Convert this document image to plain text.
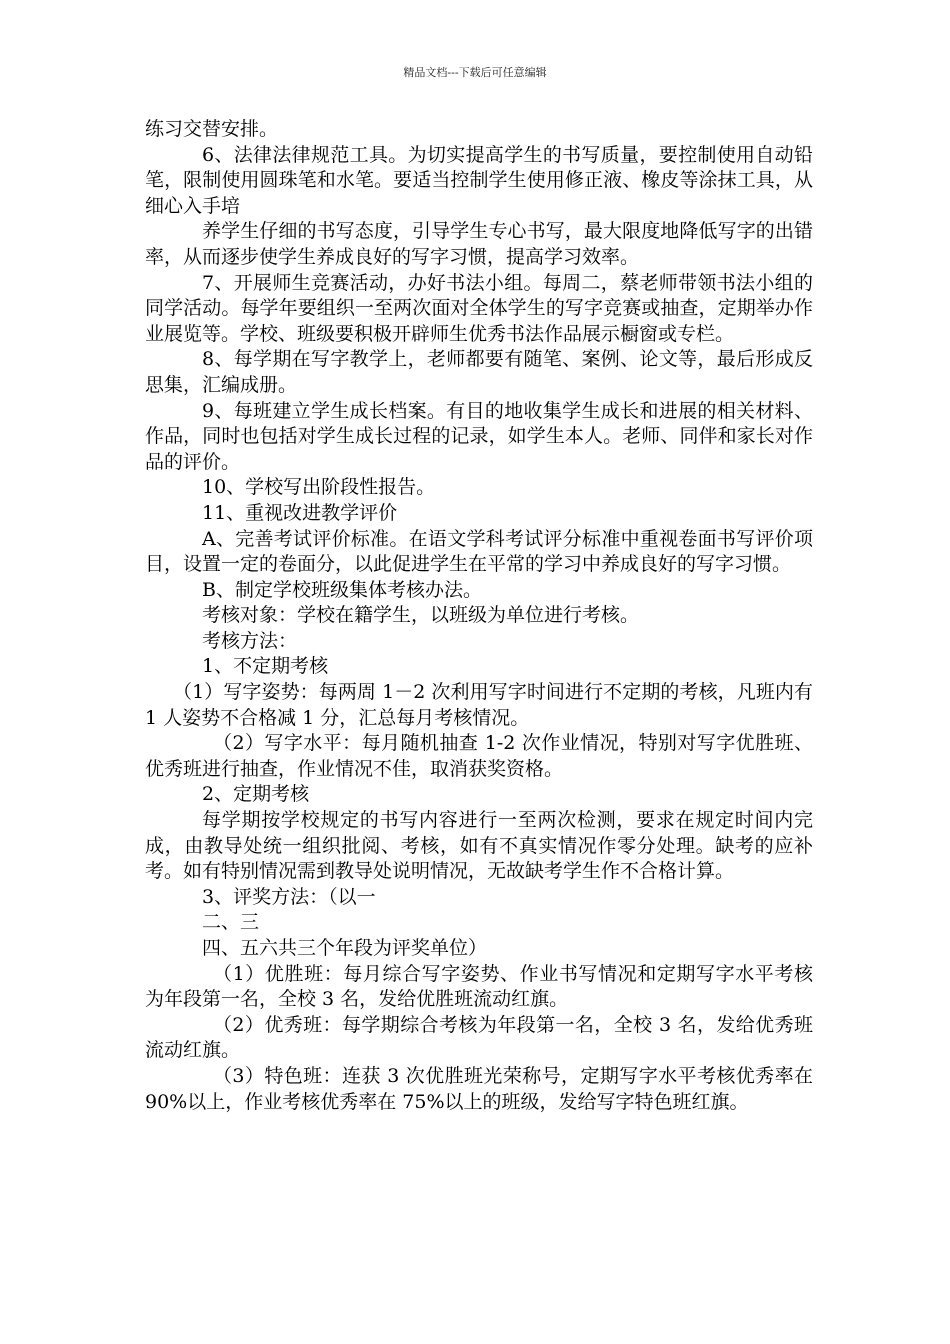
精品文档---下载后可任意编辑

练习交替安排。

6、法律法律规范工具。为切实提高学生的书写质量，要控制使用自动铅笔，限制使用圆珠笔和水笔。要适当控制学生使用修正液、橡皮等涂抹工具，从细心入手培

养学生仔细的书写态度，引导学生专心书写，最大限度地降低写字的出错率，从而逐步使学生养成良好的写字习惯，提高学习效率。

7、开展师生竞赛活动，办好书法小组。每周二，蔡老师带领书法小组的同学活动。每学年要组织一至两次面对全体学生的写字竞赛或抽查，定期举办作业展览等。学校、班级要积极开辟师生优秀书法作品展示橱窗或专栏。

8、每学期在写字教学上，老师都要有随笔、案例、论文等，最后形成反思集，汇编成册。

9、每班建立学生成长档案。有目的地收集学生成长和进展的相关材料、作品，同时也包括对学生成长过程的记录，如学生本人。老师、同伴和家长对作品的评价。

10、学校写出阶段性报告。

11、重视改进教学评价

A、完善考试评价标准。在语文学科考试评分标准中重视卷面书写评价项目，设置一定的卷面分，以此促进学生在平常的学习中养成良好的写字习惯。

B、制定学校班级集体考核办法。

考核对象：学校在籍学生，以班级为单位进行考核。

考核方法：

1、不定期考核

（1）写字姿势：每两周 1－2 次利用写字时间进行不定期的考核，凡班内有 1 人姿势不合格减 1 分，汇总每月考核情况。

（2）写字水平：每月随机抽查 1-2 次作业情况，特别对写字优胜班、优秀班进行抽查，作业情况不佳，取消获奖资格。

2、定期考核

每学期按学校规定的书写内容进行一至两次检测，要求在规定时间内完成，由教导处统一组织批阅、考核，如有不真实情况作零分处理。缺考的应补考。如有特别情况需到教导处说明情况，无故缺考学生作不合格计算。

3、评奖方法：（以一

二、三

四、五六共三个年段为评奖单位）

（1）优胜班：每月综合写字姿势、作业书写情况和定期写字水平考核为年段第一名，全校 3 名，发给优胜班流动红旗。

（2）优秀班：每学期综合考核为年段第一名，全校 3 名，发给优秀班流动红旗。

（3）特色班：连获 3 次优胜班光荣称号，定期写字水平考核优秀率在 90%以上，作业考核优秀率在 75%以上的班级，发给写字特色班红旗。
